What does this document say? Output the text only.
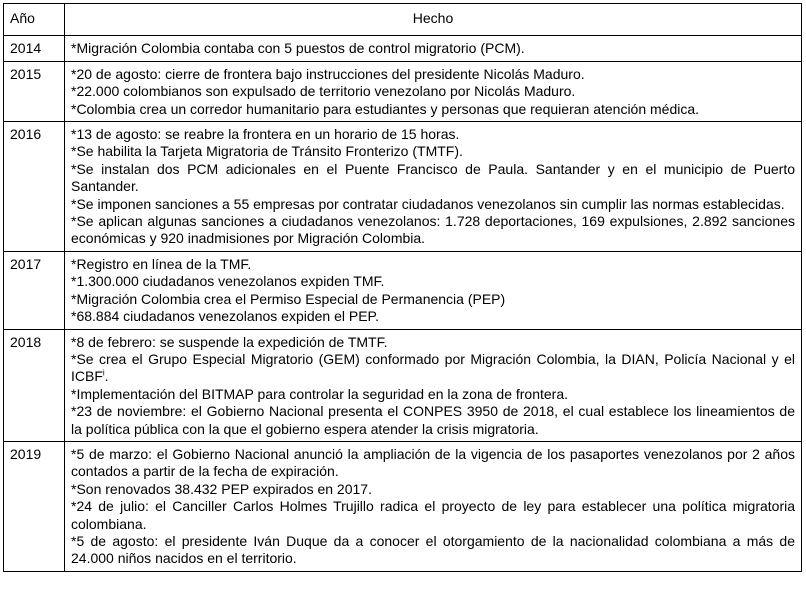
Año	Hecho
2014	*Migración Colombia contaba con 5 puestos de control migratorio (PCM).

2015	*20 de agosto: cierre de frontera bajo instrucciones del presidente Nicolás Maduro.
*22.000 colombianos son expulsado de territorio venezolano por Nicolás Maduro.
*Colombia crea un corredor humanitario para estudiantes y personas que requieran atención médica.

2016	*13 de agosto: se reabre la frontera en un horario de 15 horas.
*Se habilita la Tarjeta Migratoria de Tránsito Fronterizo (TMTF).
*Se instalan dos PCM adicionales en el Puente Francisco de Paula. Santander y en el municipio de Puerto Santander.
*Se imponen sanciones a 55 empresas por contratar ciudadanos venezolanos sin cumplir las normas establecidas.
*Se aplican algunas sanciones a ciudadanos venezolanos: 1.728 deportaciones, 169 expulsiones, 2.892 sanciones económicas y 920 inadmisiones por Migración Colombia.

2017	*Registro en línea de la TMF.
*1.300.000 ciudadanos venezolanos expiden TMF.
*Migración Colombia crea el Permiso Especial de Permanencia (PEP)
*68.884 ciudadanos venezolanos expiden el PEP.

2018	*8 de febrero: se suspende la expedición de TMTF.
*Se crea el Grupo Especial Migratorio (GEM) conformado por Migración Colombia, la DIAN, Policía Nacional y el ICBF$^i$.
*Implementación del BITMAP para controlar la seguridad en la zona de frontera.
*23 de noviembre: el Gobierno Nacional presenta el CONPES 3950 de 2018, el cual establece los lineamientos de la política pública con la que el gobierno espera atender la crisis migratoria.

2019	*5 de marzo: el Gobierno Nacional anunció la ampliación de la vigencia de los pasaportes venezolanos por 2 años contados a partir de la fecha de expiración.
*Son renovados 38.432 PEP expirados en 2017.
*24 de julio: el Canciller Carlos Holmes Trujillo radica el proyecto de ley para establecer una política migratoria colombiana.
*5 de agosto: el presidente Iván Duque da a conocer el otorgamiento de la nacionalidad colombiana a más de 24.000 niños nacidos en el territorio.
